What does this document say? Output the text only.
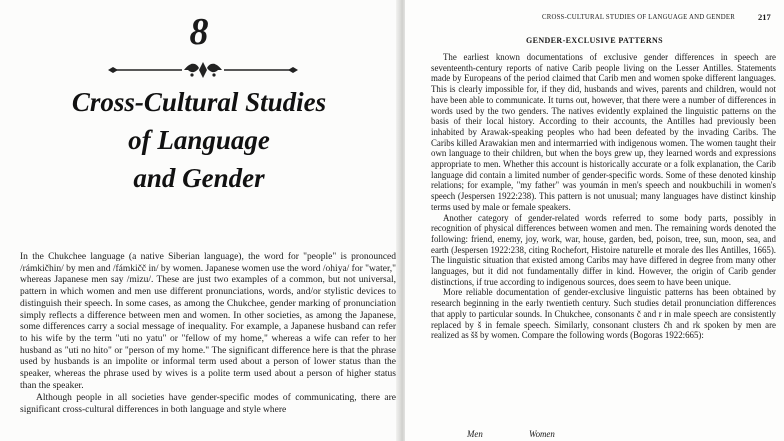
8
Cross-Cultural Studies
of Language
and Gender

In the Chukchee language (a native Siberian language), the word for "people" is pronounced /rámkičhin/ by men and /fámkičč in/ by women. Japanese women use the word /ohiya/ for "water," whereas Japanese men say /mizu/. These are just two examples of a common, but not universal, pattern in which women and men use different pronunciations, words, and/or stylistic devices to distinguish their speech. In some cases, as among the Chukchee, gender marking of pronunciation simply reflects a difference between men and women. In other societies, as among the Japanese, some differences carry a social message of inequality. For example, a Japanese husband can refer to his wife by the term "uti no yatu" or "fellow of my home," whereas a wife can refer to her husband as "uti no hito" or "person of my home." The significant difference here is that the phrase used by husbands is an impolite or informal term used about a person of lower status than the speaker, whereas the phrase used by wives is a polite term used about a person of higher status than the speaker.

Although people in all societies have gender-specific modes of communicating, there are significant cross-cultural differences in both language and style where

CROSS-CULTURAL STUDIES OF LANGUAGE AND GENDER	217
GENDER-EXCLUSIVE PATTERNS

The earliest known documentations of exclusive gender differences in speech are seventeenth-century reports of native Carib people living on the Lesser Antilles. Statements made by Europeans of the period claimed that Carib men and women spoke different languages. This is clearly impossible for, if they did, husbands and wives, parents and children, would not have been able to communicate. It turns out, however, that there were a number of differences in words used by the two genders. The natives evidently explained the linguistic patterns on the basis of their local history. According to their accounts, the Antilles had previously been inhabited by Arawak-speaking peoples who had been defeated by the invading Caribs. The Caribs killed Arawakian men and intermarried with indigenous women. The women taught their own language to their children, but when the boys grew up, they learned words and expressions appropriate to men. Whether this account is historically accurate or a folk explanation, the Carib language did contain a limited number of gender-specific words. Some of these denoted kinship relations; for example, "my father" was youmán in men's speech and noukbuchili in women's speech (Jespersen 1922:238). This pattern is not unusual; many languages have distinct kinship terms used by male or female speakers.

Another category of gender-related words referred to some body parts, possibly in recognition of physical differences between women and men. The remaining words denoted the following: friend, enemy, joy, work, war, house, garden, bed, poison, tree, sun, moon, sea, and earth (Jespersen 1922:238, citing Rochefort, Histoire naturelle et morale des Iles Antilles, 1665). The linguistic situation that existed among Caribs may have differed in degree from many other languages, but it did not fundamentally differ in kind. However, the origin of Carib gender distinctions, if true according to indigenous sources, does seem to have been unique.

More reliable documentation of gender-exclusive linguistic patterns has been obtained by research beginning in the early twentieth century. Such studies detail pronunciation differences that apply to particular sounds. In Chukchee, consonants č and r in male speech are consistently replaced by š in female speech. Similarly, consonant clusters čh and rk spoken by men are realized as šš by women. Compare the following words (Bogoras 1922:665):

Men	Women
